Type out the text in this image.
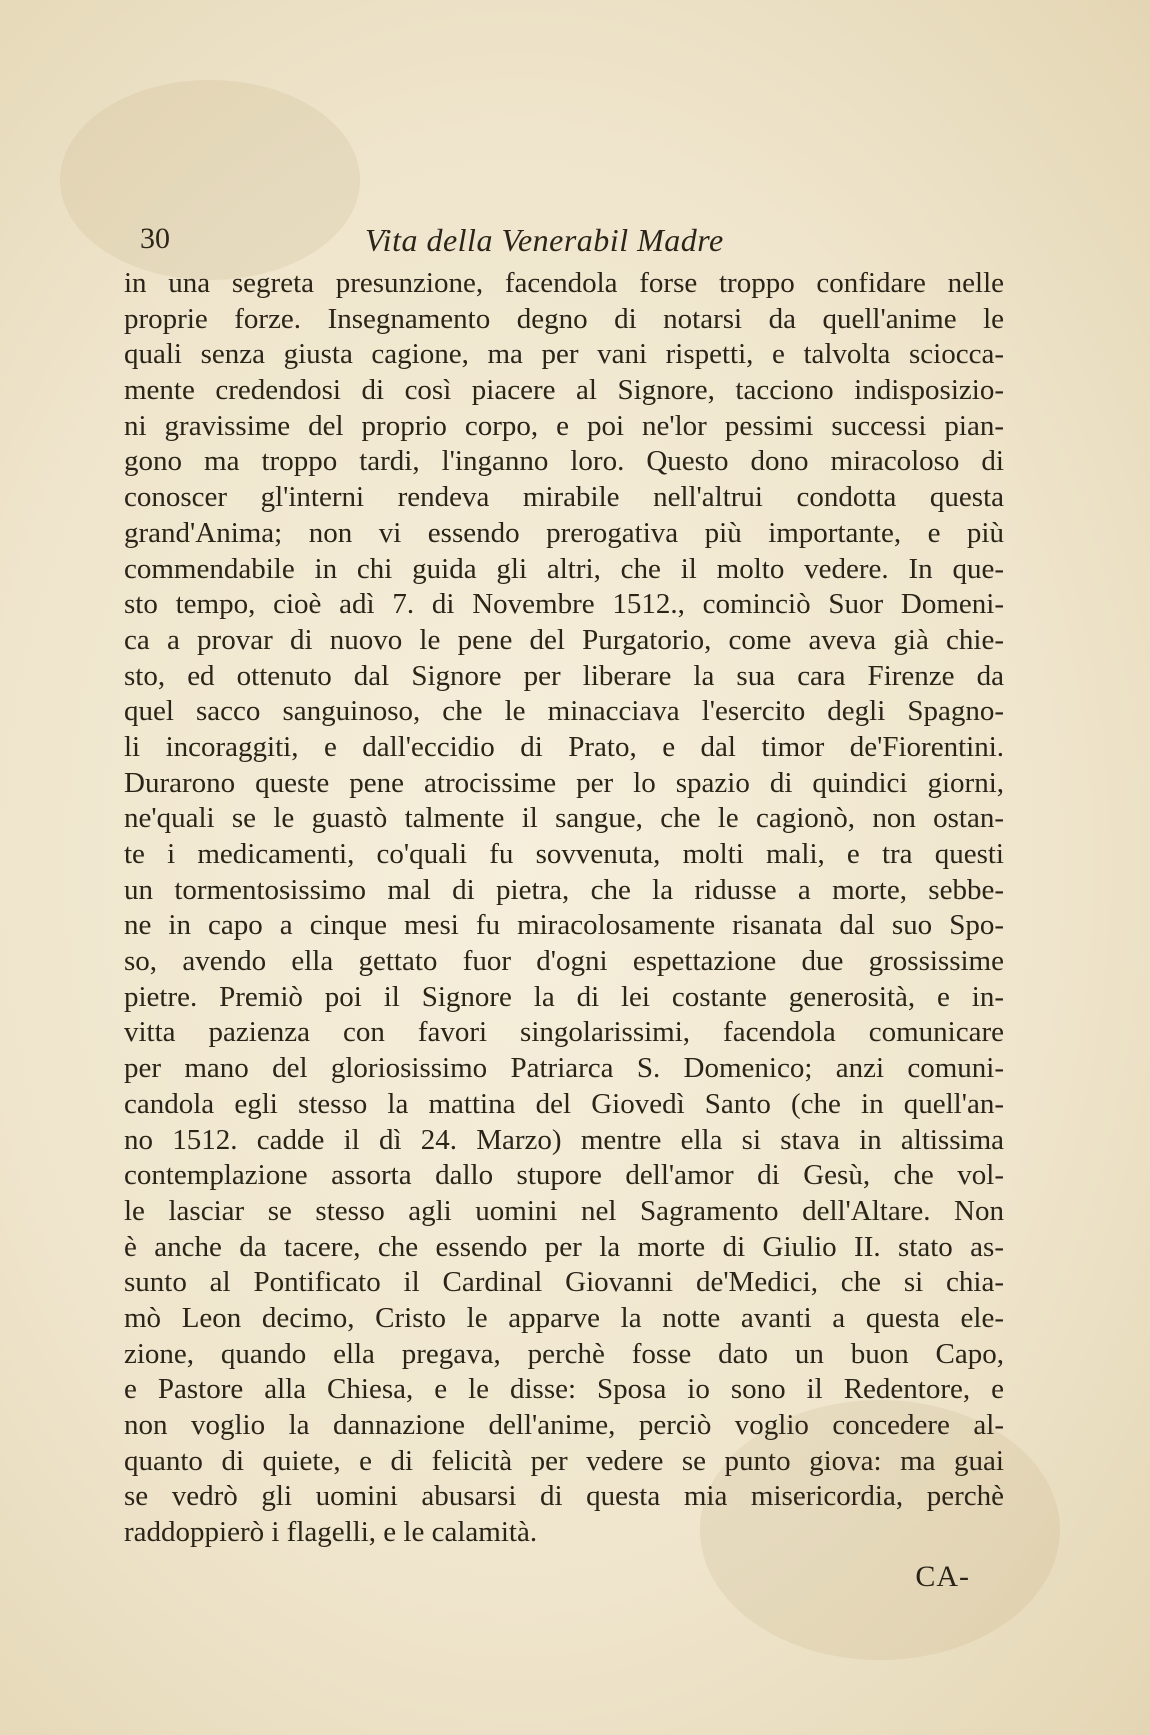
30	Vita della Venerabil Madre
in una segreta presunzione, facendola forse troppo confidare nelle
proprie forze. Insegnamento degno di notarsi da quell'anime le
quali senza giusta cagione, ma per vani rispetti, e talvolta sciocca-
mente credendosi di così piacere al Signore, tacciono indisposizio-
ni gravissime del proprio corpo, e poi ne'lor pessimi successi pian-
gono ma troppo tardi, l'inganno loro. Questo dono miracoloso di
conoscer gl'interni rendeva mirabile nell'altrui condotta questa
grand'Anima; non vi essendo prerogativa più importante, e più
commendabile in chi guida gli altri, che il molto vedere. In que-
sto tempo, cioè adì 7. di Novembre 1512., cominciò Suor Domeni-
ca a provar di nuovo le pene del Purgatorio, come aveva già chie-
sto, ed ottenuto dal Signore per liberare la sua cara Firenze da
quel sacco sanguinoso, che le minacciava l'esercito degli Spagno-
li incoraggiti, e dall'eccidio di Prato, e dal timor de'Fiorentini.
Durarono queste pene atrocissime per lo spazio di quindici giorni,
ne'quali se le guastò talmente il sangue, che le cagionò, non ostan-
te i medicamenti, co'quali fu sovvenuta, molti mali, e tra questi
un tormentosissimo mal di pietra, che la ridusse a morte, sebbe-
ne in capo a cinque mesi fu miracolosamente risanata dal suo Spo-
so, avendo ella gettato fuor d'ogni espettazione due grossissime
pietre. Premiò poi il Signore la di lei costante generosità, e in-
vitta pazienza con favori singolarissimi, facendola comunicare
per mano del gloriosissimo Patriarca S. Domenico; anzi comuni-
candola egli stesso la mattina del Giovedì Santo (che in quell'an-
no 1512. cadde il dì 24. Marzo) mentre ella si stava in altissima
contemplazione assorta dallo stupore dell'amor di Gesù, che vol-
le lasciar se stesso agli uomini nel Sagramento dell'Altare. Non
è anche da tacere, che essendo per la morte di Giulio II. stato as-
sunto al Pontificato il Cardinal Giovanni de'Medici, che si chia-
mò Leon decimo, Cristo le apparve la notte avanti a questa ele-
zione, quando ella pregava, perchè fosse dato un buon Capo,
e Pastore alla Chiesa, e le disse: Sposa io sono il Redentore, e
non voglio la dannazione dell'anime, perciò voglio concedere al-
quanto di quiete, e di felicità per vedere se punto giova: ma guai
se vedrò gli uomini abusarsi di questa mia misericordia, perchè
raddoppierò i flagelli, e le calamità.
CA-
